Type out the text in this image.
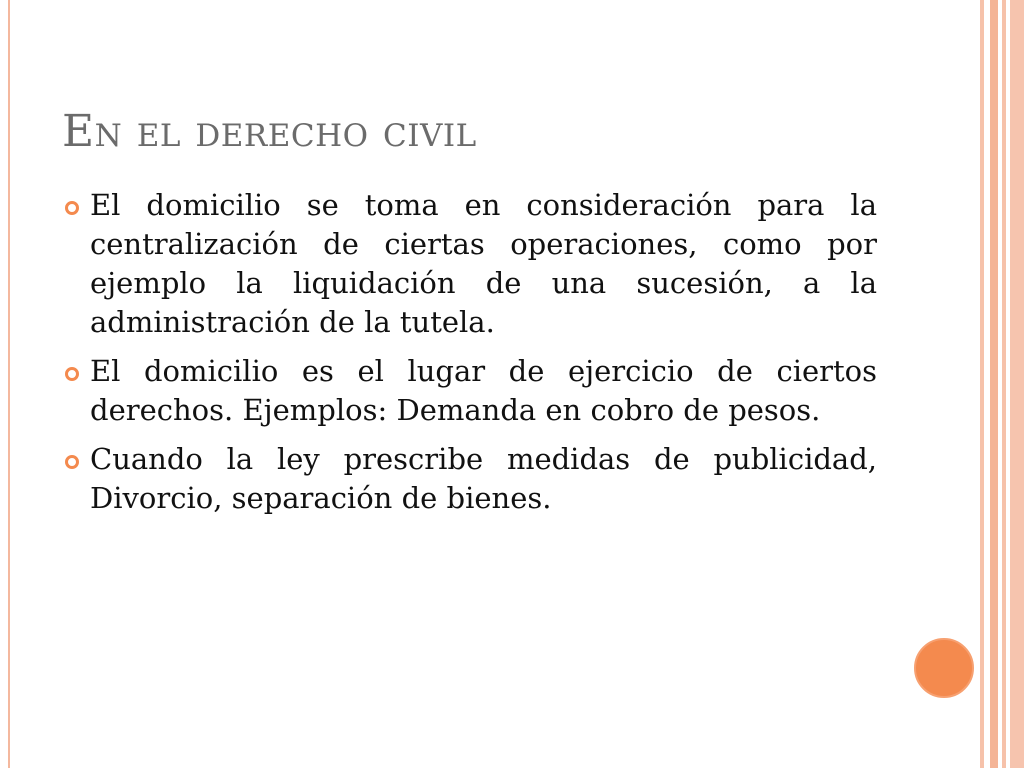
En el derecho civil
El domicilio se toma en consideración para la centralización de ciertas operaciones, como por ejemplo la liquidación de una sucesión, a la administración de la tutela.
El domicilio es el lugar de ejercicio de ciertos derechos. Ejemplos: Demanda en cobro de pesos.
Cuando la ley prescribe medidas de publicidad, Divorcio, separación de bienes.
